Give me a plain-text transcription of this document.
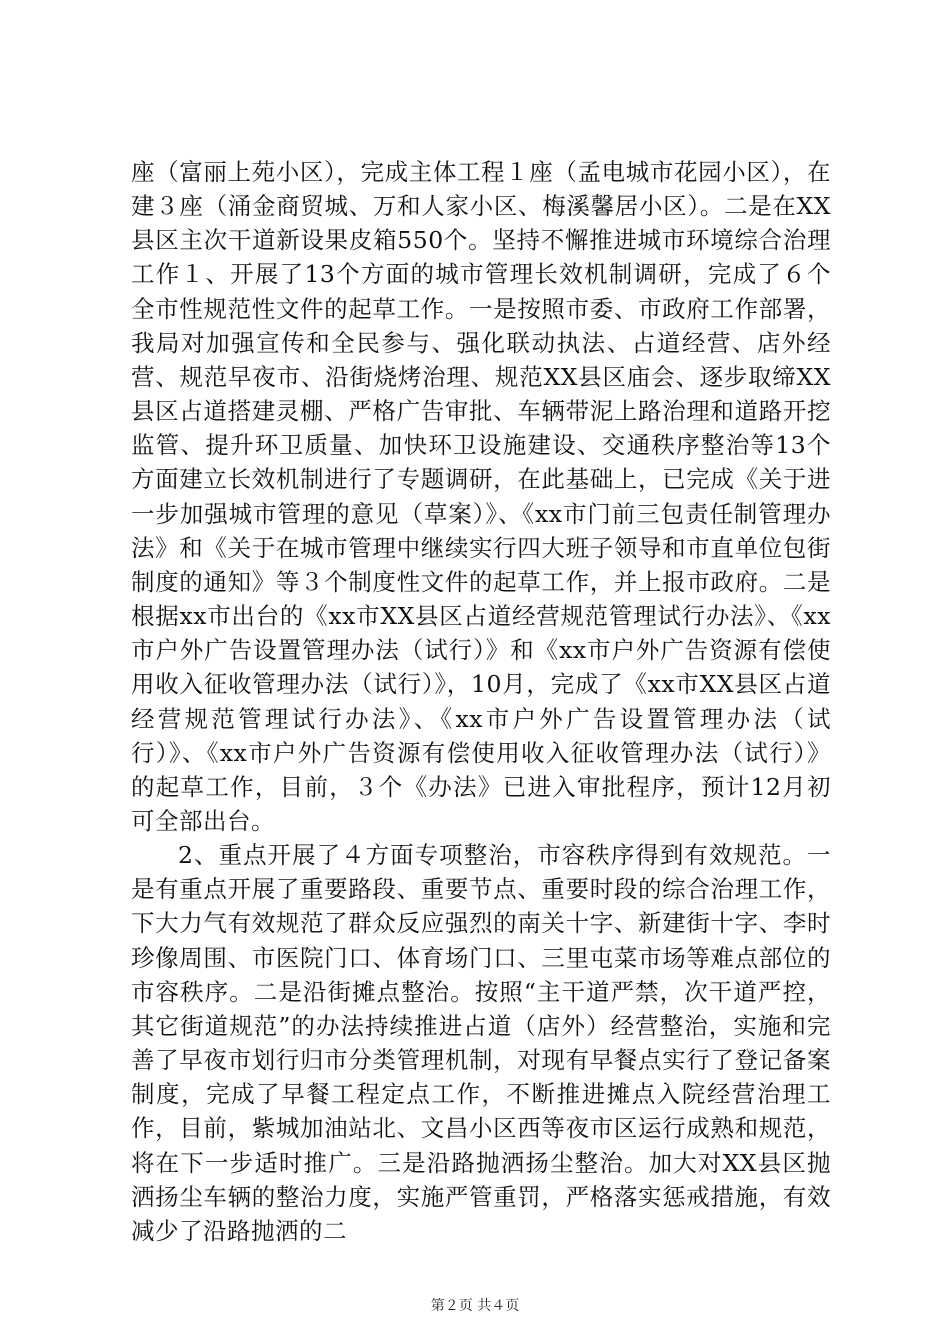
座（富丽上苑小区），完成主体工程１座（孟电城市花园小区），在建３座（涌金商贸城、万和人家小区、梅溪馨居小区）。二是在XX县区主次干道新设果皮箱550个。坚持不懈推进城市环境综合治理工作１、开展了13个方面的城市管理长效机制调研，完成了６个全市性规范性文件的起草工作。一是按照市委、市政府工作部署，我局对加强宣传和全民参与、强化联动执法、占道经营、店外经营、规范早夜市、沿街烧烤治理、规范XX县区庙会、逐步取缔XX县区占道搭建灵棚、严格广告审批、车辆带泥上路治理和道路开挖监管、提升环卫质量、加快环卫设施建设、交通秩序整治等13个方面建立长效机制进行了专题调研，在此基础上，已完成《关于进一步加强城市管理的意见（草案）》、《xx市门前三包责任制管理办法》和《关于在城市管理中继续实行四大班子领导和市直单位包街制度的通知》等３个制度性文件的起草工作，并上报市政府。二是根据xx市出台的《xx市XX县区占道经营规范管理试行办法》、《xx市户外广告设置管理办法（试行）》和《xx市户外广告资源有偿使用收入征收管理办法（试行）》，10月，完成了《xx市XX县区占道经营规范管理试行办法》、《xx市户外广告设置管理办法（试行）》、《xx市户外广告资源有偿使用收入征收管理办法（试行）》的起草工作，目前，３个《办法》已进入审批程序，预计12月初可全部出台。

2、重点开展了４方面专项整治，市容秩序得到有效规范。一是有重点开展了重要路段、重要节点、重要时段的综合治理工作，下大力气有效规范了群众反应强烈的南关十字、新建街十字、李时珍像周围、市医院门口、体育场门口、三里屯菜市场等难点部位的市容秩序。二是沿街摊点整治。按照“主干道严禁，次干道严控，其它街道规范”的办法持续推进占道（店外）经营整治，实施和完善了早夜市划行归市分类管理机制，对现有早餐点实行了登记备案制度，完成了早餐工程定点工作，不断推进摊点入院经营治理工作，目前，紫城加油站北、文昌小区西等夜市区运行成熟和规范，将在下一步适时推广。三是沿路抛洒扬尘整治。加大对XX县区抛洒扬尘车辆的整治力度，实施严管重罚，严格落实惩戒措施，有效减少了沿路抛洒的二

第２页 共４页
